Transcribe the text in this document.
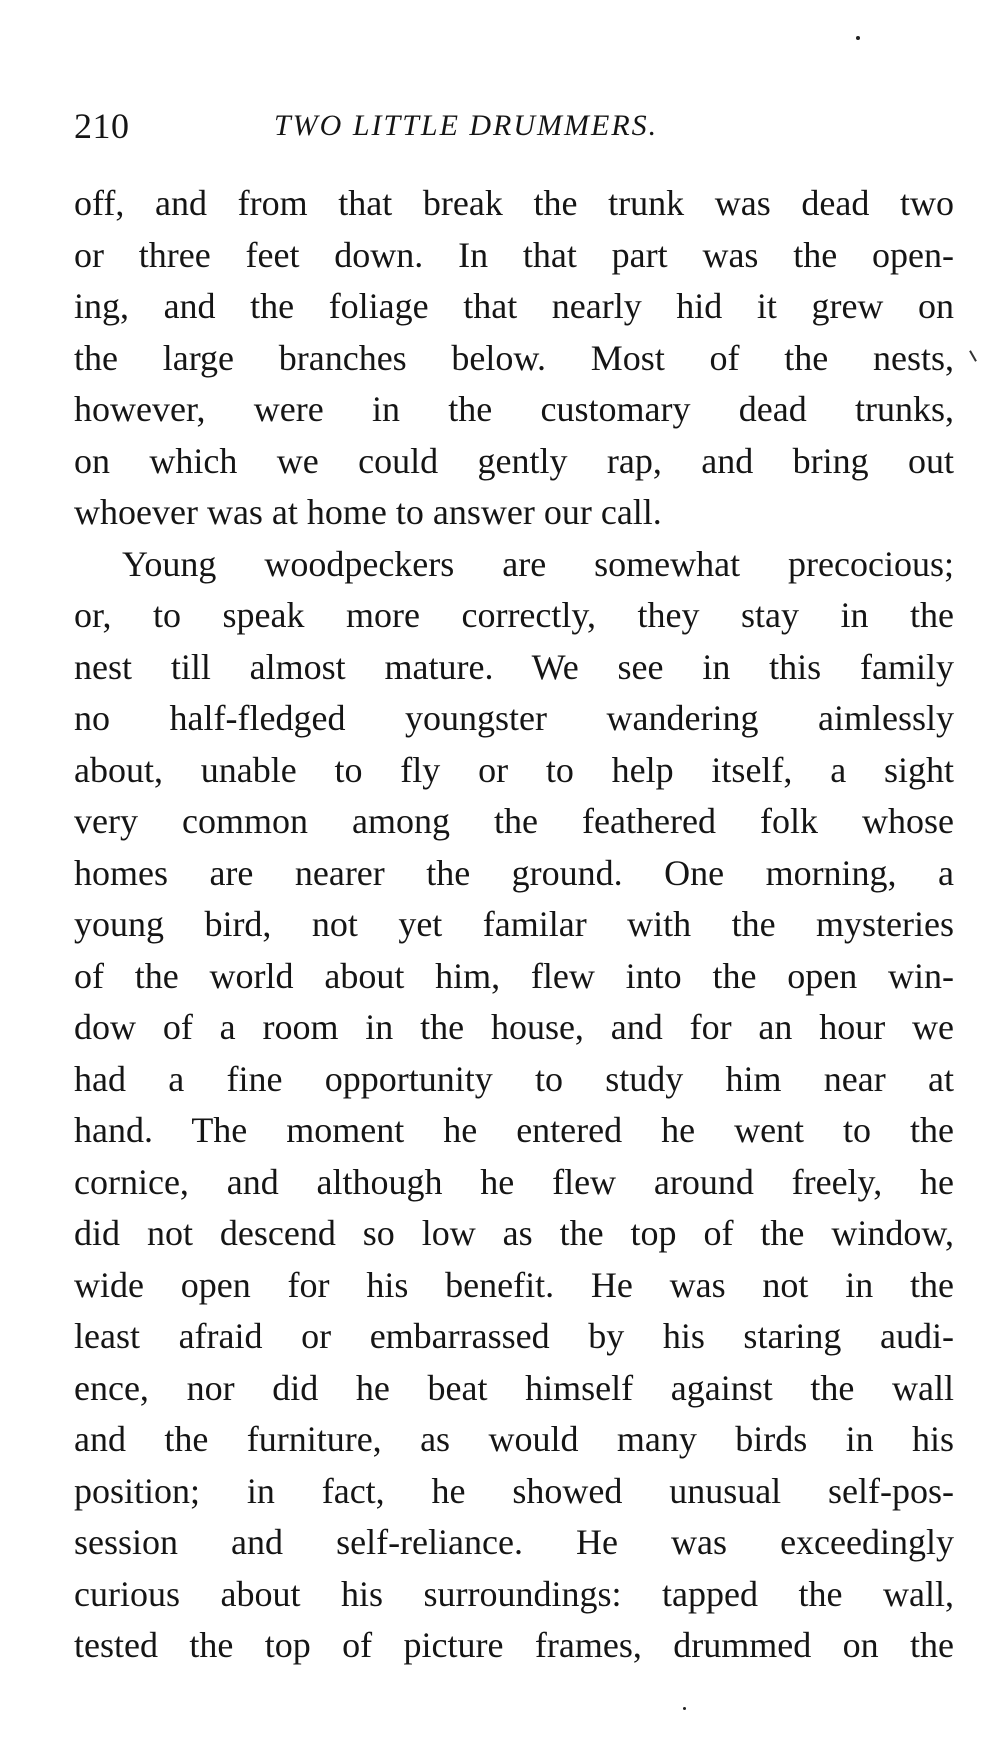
210	TWO LITTLE DRUMMERS.
off, and from that break the trunk was dead two
or three feet down. In that part was the open-
ing, and the foliage that nearly hid it grew on
the large branches below. Most of the nests,
however, were in the customary dead trunks,
on which we could gently rap, and bring out
whoever was at home to answer our call.
Young woodpeckers are somewhat precocious;
or, to speak more correctly, they stay in the
nest till almost mature. We see in this family
no half-fledged youngster wandering aimlessly
about, unable to fly or to help itself, a sight
very common among the feathered folk whose
homes are nearer the ground. One morning, a
young bird, not yet familar with the mysteries
of the world about him, flew into the open win-
dow of a room in the house, and for an hour we
had a fine opportunity to study him near at
hand. The moment he entered he went to the
cornice, and although he flew around freely, he
did not descend so low as the top of the window,
wide open for his benefit. He was not in the
least afraid or embarrassed by his staring audi-
ence, nor did he beat himself against the wall
and the furniture, as would many birds in his
position; in fact, he showed unusual self-pos-
session and self-reliance. He was exceedingly
curious about his surroundings: tapped the wall,
tested the top of picture frames, drummed on the
